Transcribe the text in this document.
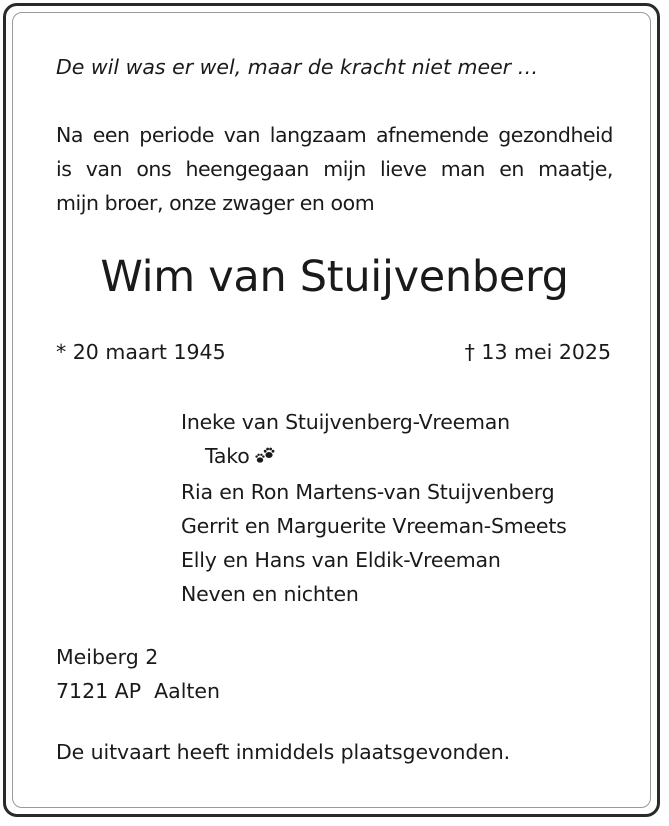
De wil was er wel, maar de kracht niet meer …
Na een periode van langzaam afnemende gezondheid
is van ons heengegaan mijn lieve man en maatje,
mijn broer, onze zwager en oom
Wim van Stuijvenberg
* 20 maart 1945	† 13 mei 2025
Ineke van Stuijvenberg-Vreeman
Tako
Ria en Ron Martens-van Stuijvenberg
Gerrit en Marguerite Vreeman-Smeets
Elly en Hans van Eldik-Vreeman
Neven en nichten
Meiberg 2
7121 AP  Aalten
De uitvaart heeft inmiddels plaatsgevonden.
